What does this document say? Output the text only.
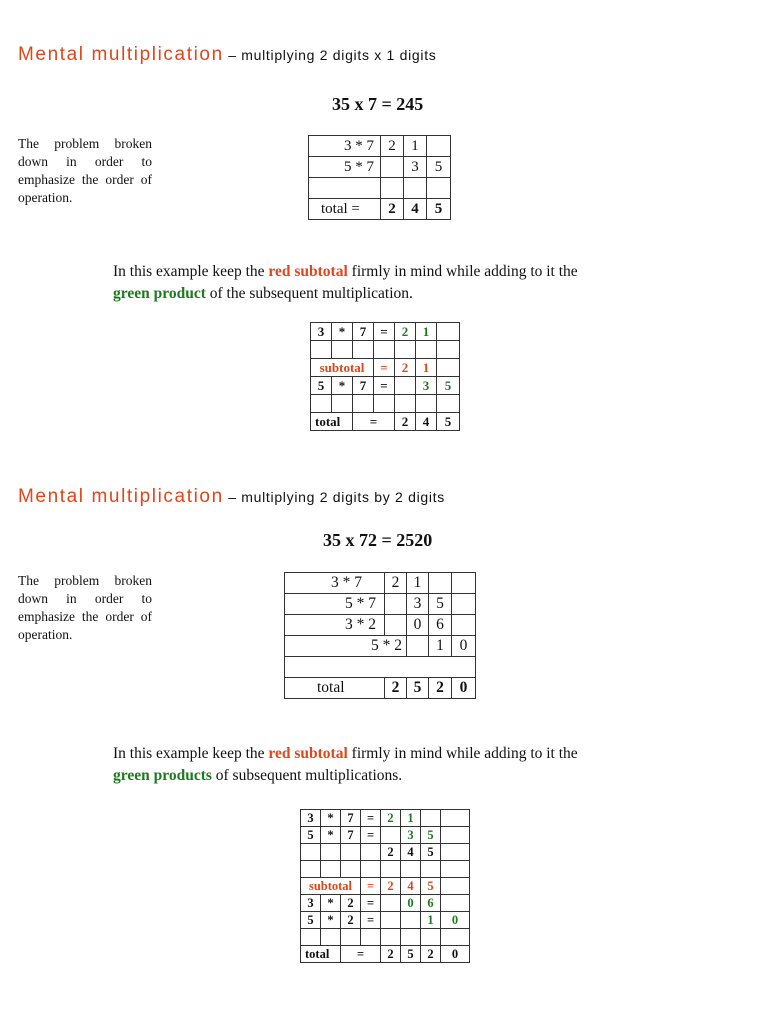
Mental multiplication – multiplying 2 digits x 1 digits
35 x 7 = 245
The problem broken down in order to emphasize the order of operation.
3 * 7	2	1	
5 * 7		3	5

total =	2	4	5
In this example keep the red subtotal firmly in mind while adding to it the
green product of the subsequent multiplication.
3	*	7	=	2	1	

subtotal			=	2	1	
5	*	7	=		3	5

total		=		2	4	5
Mental multiplication – multiplying 2 digits by 2 digits
35 x 72 = 2520
The problem broken down in order to emphasize the order of operation.
3 * 7	2	1		
5 * 7		3	5	
3 * 2		0	6	
5 * 2			1	0

total	2	5	2	0
In this example keep the red subtotal firmly in mind while adding to it the
green products of subsequent multiplications.
3	*	7	=	2	1		
5	*	7	=		3	5	
				2	4	5	

subtotal			=	2	4	5	
3	*	2	=		0	6	
5	*	2	=			1	0

total		=		2	5	2	0
